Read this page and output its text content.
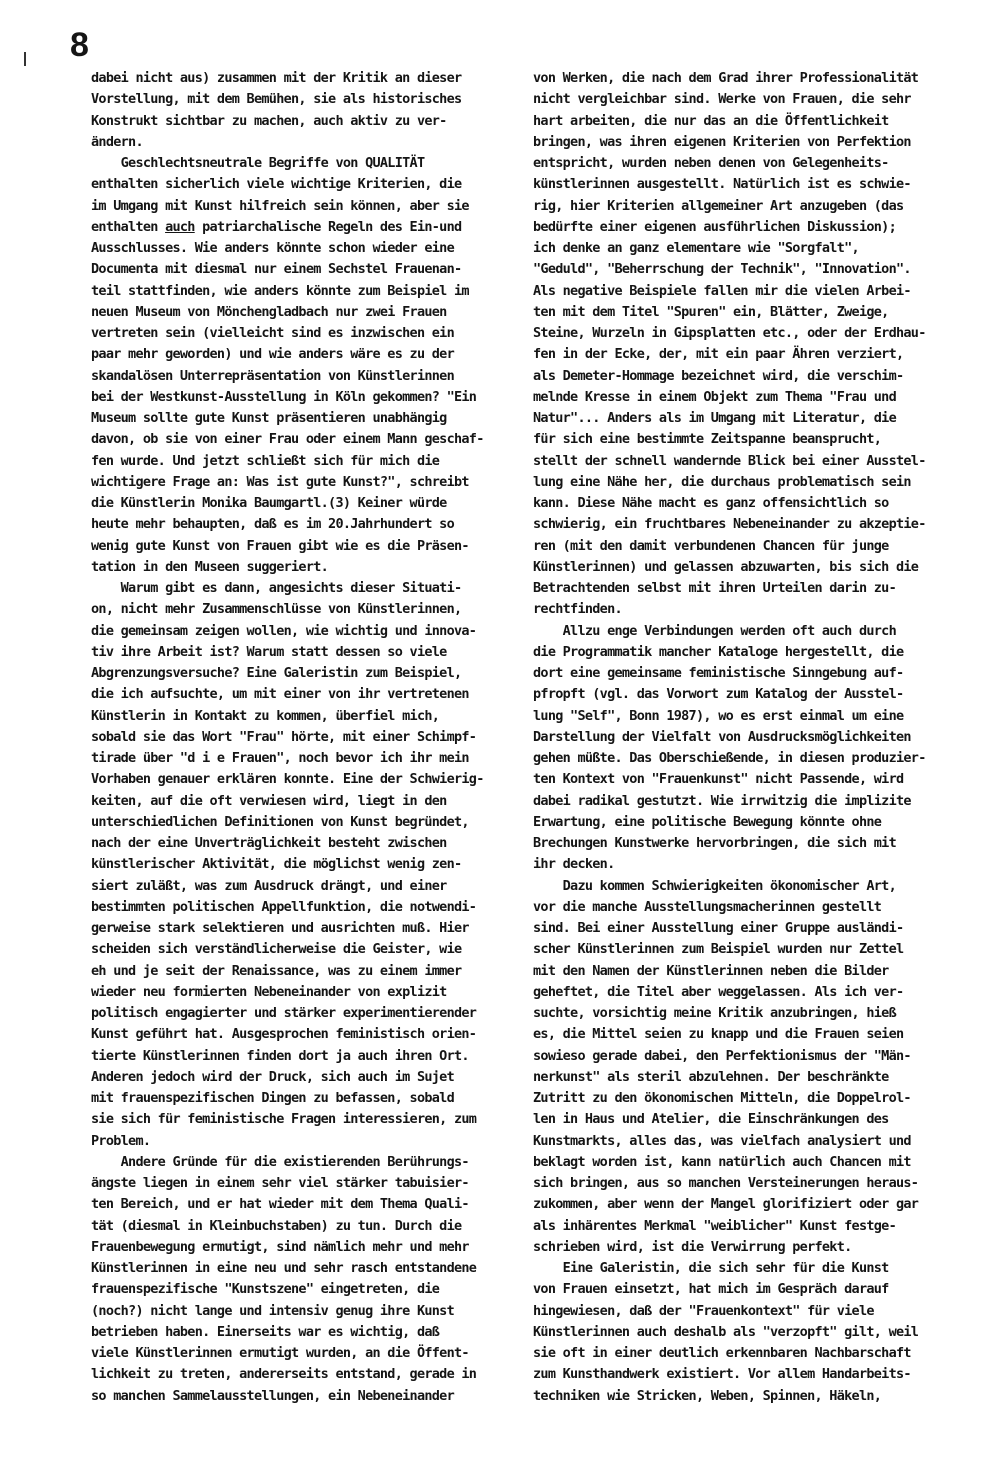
8
dabei nicht aus) zusammen mit der Kritik an dieser
Vorstellung, mit dem Bemühen, sie als historisches
Konstrukt sichtbar zu machen, auch aktiv zu ver-
ändern.
Geschlechtsneutrale Begriffe von QUALITÄT
enthalten sicherlich viele wichtige Kriterien, die
im Umgang mit Kunst hilfreich sein können, aber sie
enthalten auch patriarchalische Regeln des Ein-und
Ausschlusses. Wie anders könnte schon wieder eine
Documenta mit diesmal nur einem Sechstel Frauenan-
teil stattfinden, wie anders könnte zum Beispiel im
neuen Museum von Mönchengladbach nur zwei Frauen
vertreten sein (vielleicht sind es inzwischen ein
paar mehr geworden) und wie anders wäre es zu der
skandalösen Unterrepräsentation von Künstlerinnen
bei der Westkunst-Ausstellung in Köln gekommen? "Ein
Museum sollte gute Kunst präsentieren unabhängig
davon, ob sie von einer Frau oder einem Mann geschaf-
fen wurde. Und jetzt schließt sich für mich die
wichtigere Frage an: Was ist gute Kunst?", schreibt
die Künstlerin Monika Baumgartl.(3) Keiner würde
heute mehr behaupten, daß es im 20.Jahrhundert so
wenig gute Kunst von Frauen gibt wie es die Präsen-
tation in den Museen suggeriert.
Warum gibt es dann, angesichts dieser Situati-
on, nicht mehr Zusammenschlüsse von Künstlerinnen,
die gemeinsam zeigen wollen, wie wichtig und innova-
tiv ihre Arbeit ist? Warum statt dessen so viele
Abgrenzungsversuche? Eine Galeristin zum Beispiel,
die ich aufsuchte, um mit einer von ihr vertretenen
Künstlerin in Kontakt zu kommen, überfiel mich,
sobald sie das Wort "Frau" hörte, mit einer Schimpf-
tirade über "d i e Frauen", noch bevor ich ihr mein
Vorhaben genauer erklären konnte. Eine der Schwierig-
keiten, auf die oft verwiesen wird, liegt in den
unterschiedlichen Definitionen von Kunst begründet,
nach der eine Unverträglichkeit besteht zwischen
künstlerischer Aktivität, die möglichst wenig zen-
siert zuläßt, was zum Ausdruck drängt, und einer
bestimmten politischen Appellfunktion, die notwendi-
gerweise stark selektieren und ausrichten muß. Hier
scheiden sich verständlicherweise die Geister, wie
eh und je seit der Renaissance, was zu einem immer
wieder neu formierten Nebeneinander von explizit
politisch engagierter und stärker experimentierender
Kunst geführt hat. Ausgesprochen feministisch orien-
tierte Künstlerinnen finden dort ja auch ihren Ort.
Anderen jedoch wird der Druck, sich auch im Sujet
mit frauenspezifischen Dingen zu befassen, sobald
sie sich für feministische Fragen interessieren, zum
Problem.
Andere Gründe für die existierenden Berührungs-
ängste liegen in einem sehr viel stärker tabuisier-
ten Bereich, und er hat wieder mit dem Thema Quali-
tät (diesmal in Kleinbuchstaben) zu tun. Durch die
Frauenbewegung ermutigt, sind nämlich mehr und mehr
Künstlerinnen in eine neu und sehr rasch entstandene
frauenspezifische "Kunstszene" eingetreten, die
(noch?) nicht lange und intensiv genug ihre Kunst
betrieben haben. Einerseits war es wichtig, daß
viele Künstlerinnen ermutigt wurden, an die Öffent-
lichkeit zu treten, andererseits entstand, gerade in
so manchen Sammelausstellungen, ein Nebeneinander
von Werken, die nach dem Grad ihrer Professionalität
nicht vergleichbar sind. Werke von Frauen, die sehr
hart arbeiten, die nur das an die Öffentlichkeit
bringen, was ihren eigenen Kriterien von Perfektion
entspricht, wurden neben denen von Gelegenheits-
künstlerinnen ausgestellt. Natürlich ist es schwie-
rig, hier Kriterien allgemeiner Art anzugeben (das
bedürfte einer eigenen ausführlichen Diskussion);
ich denke an ganz elementare wie "Sorgfalt",
"Geduld", "Beherrschung der Technik", "Innovation".
Als negative Beispiele fallen mir die vielen Arbei-
ten mit dem Titel "Spuren" ein, Blätter, Zweige,
Steine, Wurzeln in Gipsplatten etc., oder der Erdhau-
fen in der Ecke, der, mit ein paar Ähren verziert,
als Demeter-Hommage bezeichnet wird, die verschim-
melnde Kresse in einem Objekt zum Thema "Frau und
Natur"... Anders als im Umgang mit Literatur, die
für sich eine bestimmte Zeitspanne beansprucht,
stellt der schnell wandernde Blick bei einer Ausstel-
lung eine Nähe her, die durchaus problematisch sein
kann. Diese Nähe macht es ganz offensichtlich so
schwierig, ein fruchtbares Nebeneinander zu akzeptie-
ren (mit den damit verbundenen Chancen für junge
Künstlerinnen) und gelassen abzuwarten, bis sich die
Betrachtenden selbst mit ihren Urteilen darin zu-
rechtfinden.
Allzu enge Verbindungen werden oft auch durch
die Programmatik mancher Kataloge hergestellt, die
dort eine gemeinsame feministische Sinngebung auf-
pfropft (vgl. das Vorwort zum Katalog der Ausstel-
lung "Self", Bonn 1987), wo es erst einmal um eine
Darstellung der Vielfalt von Ausdrucksmöglichkeiten
gehen müßte. Das Oberschießende, in diesen produzier-
ten Kontext von "Frauenkunst" nicht Passende, wird
dabei radikal gestutzt. Wie irrwitzig die implizite
Erwartung, eine politische Bewegung könnte ohne
Brechungen Kunstwerke hervorbringen, die sich mit
ihr decken.
Dazu kommen Schwierigkeiten ökonomischer Art,
vor die manche Ausstellungsmacherinnen gestellt
sind. Bei einer Ausstellung einer Gruppe ausländi-
scher Künstlerinnen zum Beispiel wurden nur Zettel
mit den Namen der Künstlerinnen neben die Bilder
geheftet, die Titel aber weggelassen. Als ich ver-
suchte, vorsichtig meine Kritik anzubringen, hieß
es, die Mittel seien zu knapp und die Frauen seien
sowieso gerade dabei, den Perfektionismus der "Män-
nerkunst" als steril abzulehnen. Der beschränkte
Zutritt zu den ökonomischen Mitteln, die Doppelrol-
len in Haus und Atelier, die Einschränkungen des
Kunstmarkts, alles das, was vielfach analysiert und
beklagt worden ist, kann natürlich auch Chancen mit
sich bringen, aus so manchen Versteinerungen heraus-
zukommen, aber wenn der Mangel glorifiziert oder gar
als inhärentes Merkmal "weiblicher" Kunst festge-
schrieben wird, ist die Verwirrung perfekt.
Eine Galeristin, die sich sehr für die Kunst
von Frauen einsetzt, hat mich im Gespräch darauf
hingewiesen, daß der "Frauenkontext" für viele
Künstlerinnen auch deshalb als "verzopft" gilt, weil
sie oft in einer deutlich erkennbaren Nachbarschaft
zum Kunsthandwerk existiert. Vor allem Handarbeits-
techniken wie Stricken, Weben, Spinnen, Häkeln,
